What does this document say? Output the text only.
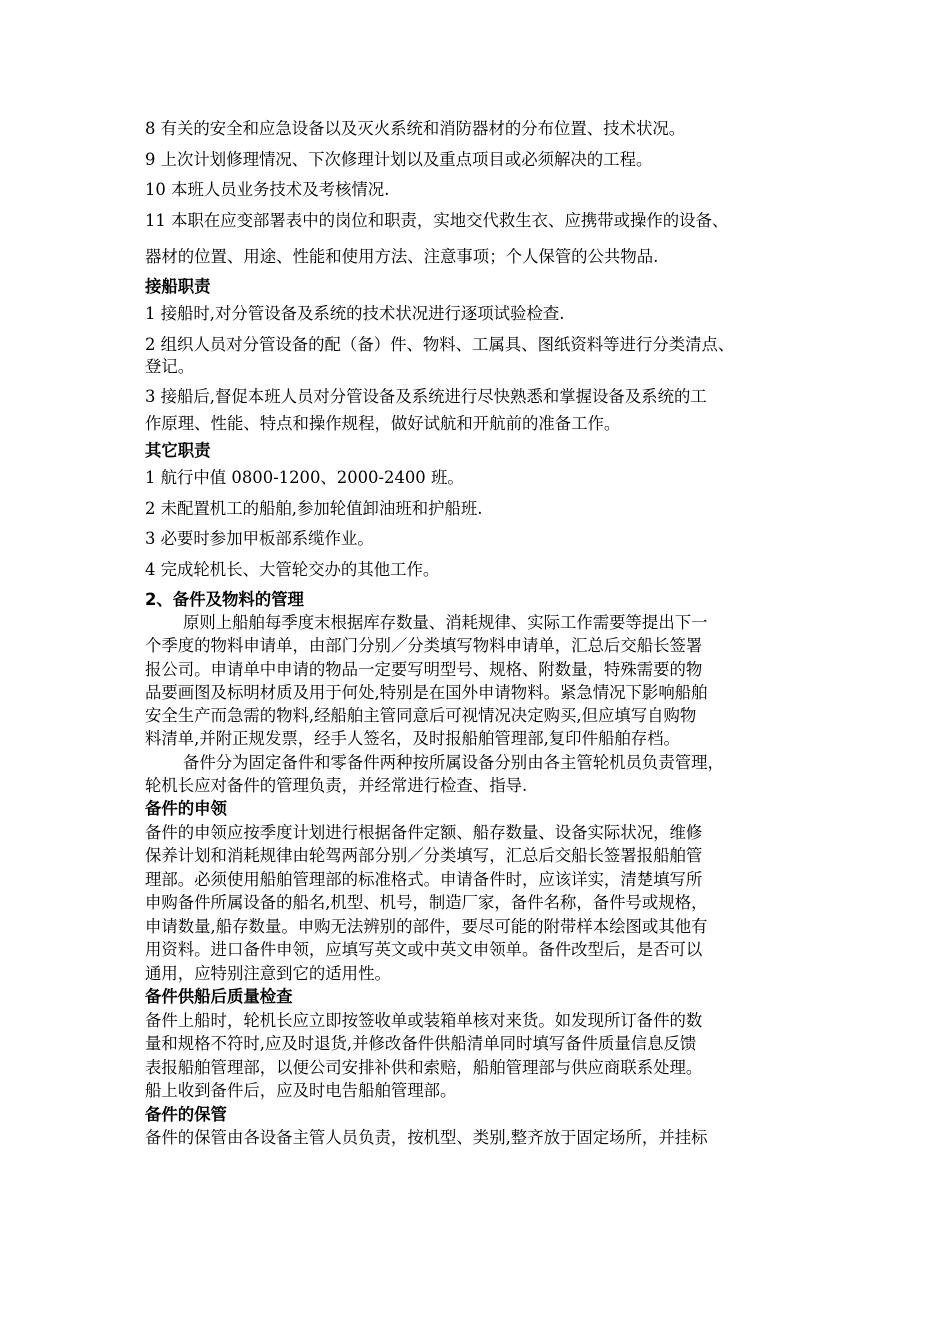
8 有关的安全和应急设备以及灭火系统和消防器材的分布位置、技术状况。

9 上次计划修理情况、下次修理计划以及重点项目或必须解决的工程。

10 本班人员业务技术及考核情况.

11 本职在应变部署表中的岗位和职责，实地交代救生衣、应携带或操作的设备、

器材的位置、用途、性能和使用方法、注意事项；个人保管的公共物品.

接船职责

1 接船时,对分管设备及系统的技术状况进行逐项试验检查.

2 组织人员对分管设备的配（备）件、物料、工属具、图纸资料等进行分类清点、

登记。

3 接船后,督促本班人员对分管设备及系统进行尽快熟悉和掌握设备及系统的工

作原理、性能、特点和操作规程，做好试航和开航前的准备工作。

其它职责

1 航行中值 0800-1200、2000-2400 班。

2 未配置机工的船舶,参加轮值卸油班和护船班.

3 必要时参加甲板部系缆作业。

4 完成轮机长、大管轮交办的其他工作。

2、备件及物料的管理

原则上船舶每季度末根据库存数量、消耗规律、实际工作需要等提出下一

个季度的物料申请单，由部门分别／分类填写物料申请单，汇总后交船长签署

报公司。申请单中申请的物品一定要写明型号、规格、附数量，特殊需要的物

品要画图及标明材质及用于何处,特别是在国外申请物料。紧急情况下影响船舶

安全生产而急需的物料,经船舶主管同意后可视情况决定购买,但应填写自购物

料清单,并附正规发票，经手人签名，及时报船舶管理部,复印件船舶存档。

备件分为固定备件和零备件两种按所属设备分别由各主管轮机员负责管理，

轮机长应对备件的管理负责，并经常进行检查、指导.

备件的申领

备件的申领应按季度计划进行根据备件定额、船存数量、设备实际状况，维修

保养计划和消耗规律由轮驾两部分别／分类填写，汇总后交船长签署报船舶管

理部。必须使用船舶管理部的标准格式。申请备件时，应该详实，清楚填写所

申购备件所属设备的船名,机型、机号，制造厂家，备件名称，备件号或规格，

申请数量,船存数量。申购无法辨别的部件，要尽可能的附带样本绘图或其他有

用资料。进口备件申领，应填写英文或中英文申领单。备件改型后，是否可以

通用，应特别注意到它的适用性。

备件供船后质量检查

备件上船时，轮机长应立即按签收单或装箱单核对来货。如发现所订备件的数

量和规格不符时,应及时退货,并修改备件供船清单同时填写备件质量信息反馈

表报船舶管理部，以便公司安排补供和索赔，船舶管理部与供应商联系处理。

船上收到备件后，应及时电告船舶管理部。

备件的保管

备件的保管由各设备主管人员负责，按机型、类别,整齐放于固定场所，并挂标
